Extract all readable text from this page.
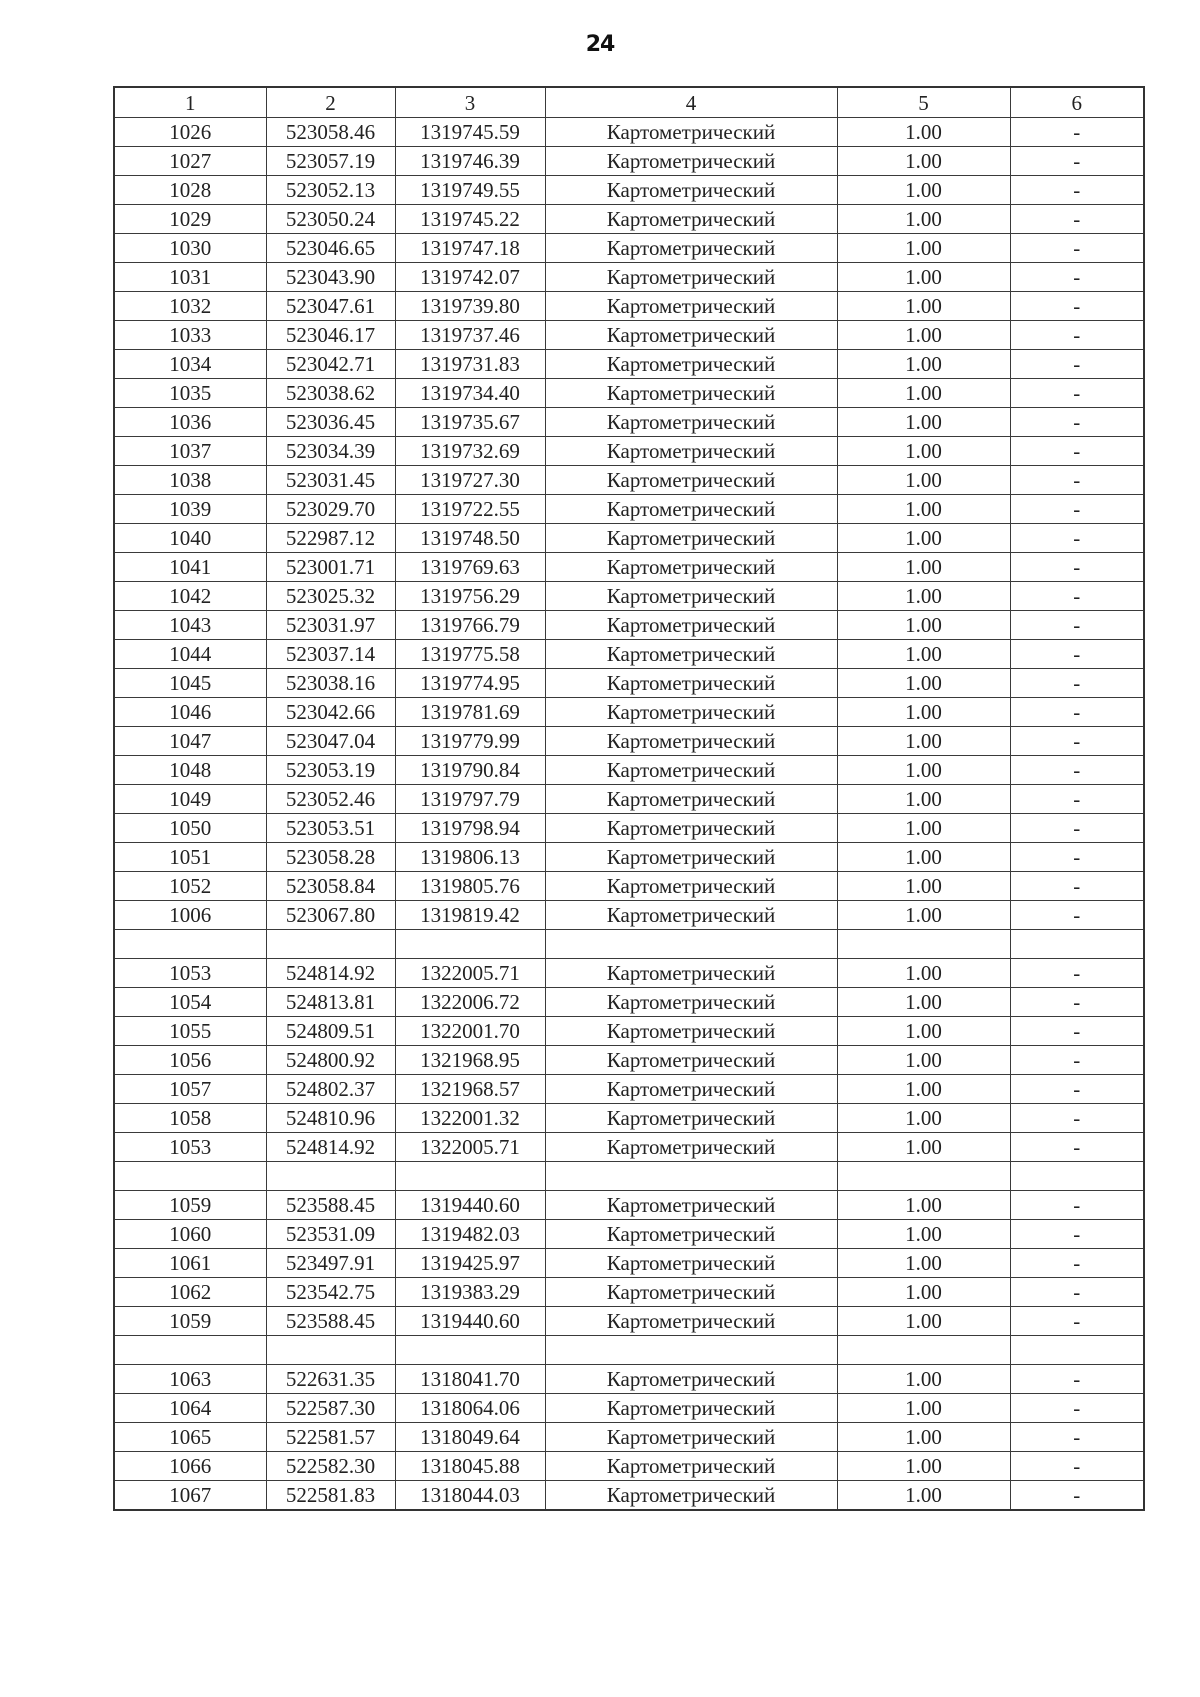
24
1	2	3	4	5	6
1026	523058.46	1319745.59	Картометрический	1.00	-
1027	523057.19	1319746.39	Картометрический	1.00	-
1028	523052.13	1319749.55	Картометрический	1.00	-
1029	523050.24	1319745.22	Картометрический	1.00	-
1030	523046.65	1319747.18	Картометрический	1.00	-
1031	523043.90	1319742.07	Картометрический	1.00	-
1032	523047.61	1319739.80	Картометрический	1.00	-
1033	523046.17	1319737.46	Картометрический	1.00	-
1034	523042.71	1319731.83	Картометрический	1.00	-
1035	523038.62	1319734.40	Картометрический	1.00	-
1036	523036.45	1319735.67	Картометрический	1.00	-
1037	523034.39	1319732.69	Картометрический	1.00	-
1038	523031.45	1319727.30	Картометрический	1.00	-
1039	523029.70	1319722.55	Картометрический	1.00	-
1040	522987.12	1319748.50	Картометрический	1.00	-
1041	523001.71	1319769.63	Картометрический	1.00	-
1042	523025.32	1319756.29	Картометрический	1.00	-
1043	523031.97	1319766.79	Картометрический	1.00	-
1044	523037.14	1319775.58	Картометрический	1.00	-
1045	523038.16	1319774.95	Картометрический	1.00	-
1046	523042.66	1319781.69	Картометрический	1.00	-
1047	523047.04	1319779.99	Картометрический	1.00	-
1048	523053.19	1319790.84	Картометрический	1.00	-
1049	523052.46	1319797.79	Картометрический	1.00	-
1050	523053.51	1319798.94	Картометрический	1.00	-
1051	523058.28	1319806.13	Картометрический	1.00	-
1052	523058.84	1319805.76	Картометрический	1.00	-
1006	523067.80	1319819.42	Картометрический	1.00	-

1053	524814.92	1322005.71	Картометрический	1.00	-
1054	524813.81	1322006.72	Картометрический	1.00	-
1055	524809.51	1322001.70	Картометрический	1.00	-
1056	524800.92	1321968.95	Картометрический	1.00	-
1057	524802.37	1321968.57	Картометрический	1.00	-
1058	524810.96	1322001.32	Картометрический	1.00	-
1053	524814.92	1322005.71	Картометрический	1.00	-

1059	523588.45	1319440.60	Картометрический	1.00	-
1060	523531.09	1319482.03	Картометрический	1.00	-
1061	523497.91	1319425.97	Картометрический	1.00	-
1062	523542.75	1319383.29	Картометрический	1.00	-
1059	523588.45	1319440.60	Картометрический	1.00	-

1063	522631.35	1318041.70	Картометрический	1.00	-
1064	522587.30	1318064.06	Картометрический	1.00	-
1065	522581.57	1318049.64	Картометрический	1.00	-
1066	522582.30	1318045.88	Картометрический	1.00	-
1067	522581.83	1318044.03	Картометрический	1.00	-
